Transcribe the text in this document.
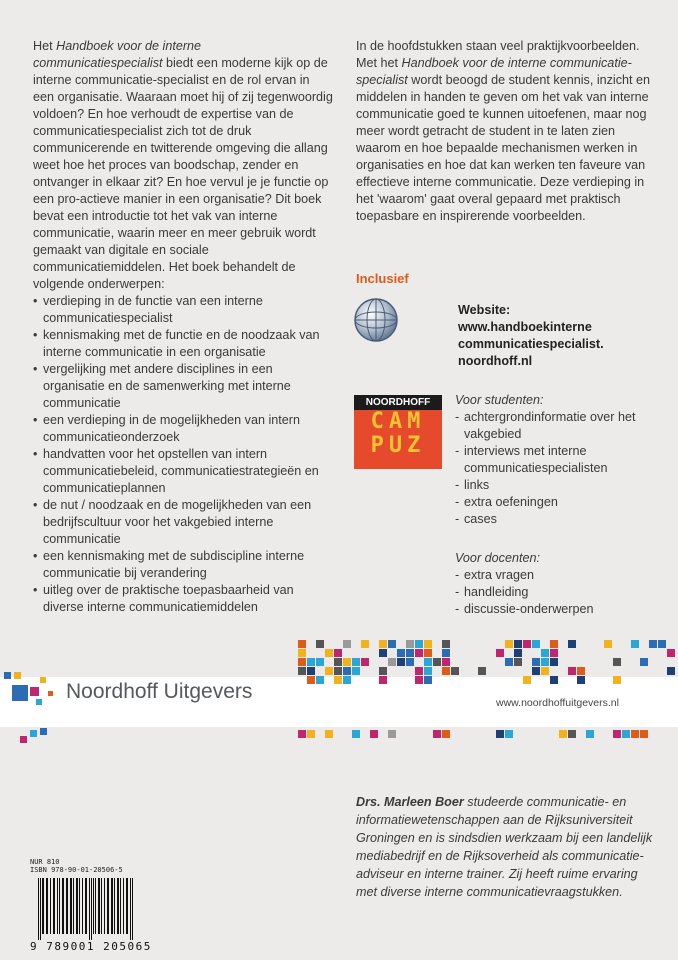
Het Handboek voor de interne communicatiespecialist biedt een moderne kijk op de interne communicatie-specialist en de rol ervan in een organisatie. Waaraan moet hij of zij tegenwoordig voldoen? En hoe verhoudt de expertise van de communicatiespecialist zich tot de druk communicerende en twitterende omgeving die allang weet hoe het proces van boodschap, zender en ontvanger in elkaar zit? En hoe vervul je je functie op een pro-actieve manier in een organisatie? Dit boek bevat een introductie tot het vak van interne communicatie, waarin meer en meer gebruik wordt gemaakt van digitale en sociale communicatiemiddelen. Het boek behandelt de volgende onderwerpen:

• verdieping in de functie van een interne communicatiespecialist
• kennismaking met de functie en de noodzaak van interne communicatie in een organisatie
• vergelijking met andere disciplines in een organisatie en de samenwerking met interne communicatie
• een verdieping in de mogelijkheden van intern communicatieonderzoek
• handvatten voor het opstellen van intern communicatiebeleid, communicatiestrategieën en communicatieplannen
• de nut / noodzaak en de mogelijkheden van een bedrijfscultuur voor het vakgebied interne communicatie
• een kennismaking met de subdiscipline interne communicatie bij verandering
• uitleg over de praktische toepasbaarheid van diverse interne communicatiemiddelen

In de hoofdstukken staan veel praktijkvoorbeelden.

Met het Handboek voor de interne communicatie-specialist wordt beoogd de student kennis, inzicht en middelen in handen te geven om het vak van interne communicatie goed te kunnen uitoefenen, maar nog meer wordt getracht de student in te laten zien waarom en hoe bepaalde mechanismen werken in organisaties en hoe dat kan werken ten faveure van effectieve interne communicatie. Deze verdieping in het 'waarom' gaat overal gepaard met praktisch toepasbare en inspirerende voorbeelden.

Inclusief
Website:
www.handboekinterne
communicatiespecialist.
noordhoff.nl
NOORDHOFF
CAM
PUZ
Voor studenten:
- achtergrondinformatie over het vakgebied
- interviews met interne communicatiespecialisten
- links
- extra oefeningen
- cases
Voor docenten:
- extra vragen
- handleiding
- discussie-onderwerpen
Noordhoff Uitgevers	www.noordhoffuitgevers.nl
Drs. Marleen Boer studeerde communicatie- en informatiewetenschappen aan de Rijksuniversiteit Groningen en is sindsdien werkzaam bij een landelijk mediabedrijf en de Rijksoverheid als communicatie-adviseur en interne trainer. Zij heeft ruime ervaring met diverse interne communicatievraagstukken.
NUR 810
ISBN 978-90-01-20506-5
9 789001 205065
